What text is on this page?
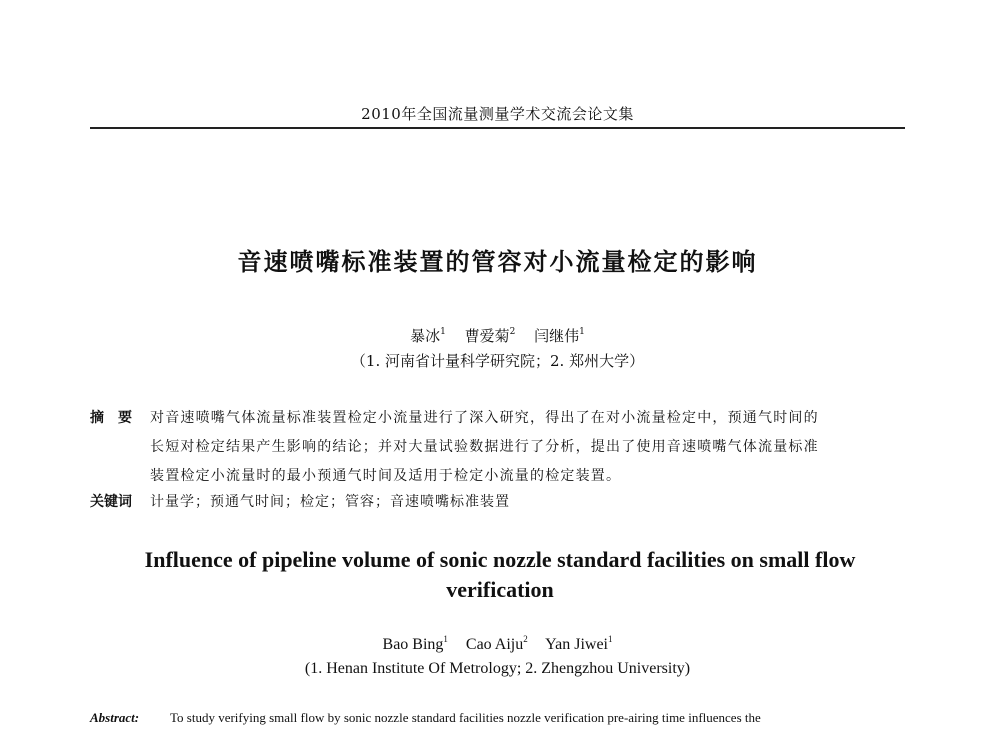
2010年全国流量测量学术交流会论文集
音速喷嘴标准装置的管容对小流量检定的影响
暴冰$^1$ 曹爱菊$^2$ 闫继伟$^1$
（1. 河南省计量科学研究院；2. 郑州大学）
摘要 对音速喷嘴气体流量标准装置检定小流量进行了深入研究，得出了在对小流量检定中，预通气时间的
长短对检定结果产生影响的结论；并对大量试验数据进行了分析，提出了使用音速喷嘴气体流量标准
装置检定小流量时的最小预通气时间及适用于检定小流量的检定装置。
关键词	计量学；预通气时间；检定；管容；音速喷嘴标准装置
Influence of pipeline volume of sonic nozzle standard facilities on small flow verification
Bao Bing$^1$ Cao Aiju$^2$ Yan Jiwei$^1$
(1. Henan Institute Of Metrology; 2. Zhengzhou University)
Abstract:	To study verifying small flow by sonic nozzle standard facilities nozzle verification pre-airing time influences the
